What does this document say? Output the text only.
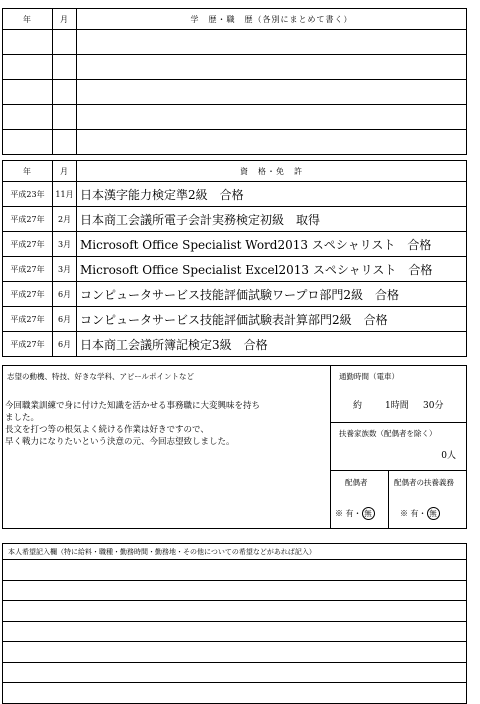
年	月	学　歴・職　歴（各別にまとめて書く）

年	月	資　格・免　許
平成23年	11月	日本漢字能力検定準2級　合格
平成27年	2月	日本商工会議所電子会計実務検定初級　取得
平成27年	3月	Microsoft Office Specialist Word2013 スペシャリスト　合格
平成27年	3月	Microsoft Office Specialist Excel2013 スペシャリスト　合格
平成27年	6月	コンピュータサービス技能評価試験ワープロ部門2級　合格
平成27年	6月	コンピュータサービス技能評価試験表計算部門2級　合格
平成27年	6月	日本商工会議所簿記検定3級　合格
志望の動機、特技、好きな学科、アピールポイントなど
今回職業訓練で身に付けた知識を活かせる事務職に大変興味を持ち
ました。
長文を打つ等の根気よく続ける作業は好きですので、
早く戦力になりたいという決意の元、今回志望致しました。
通勤時間（電車）
約	1時間 30分
扶養家族数（配偶者を除く）
0人
配偶者
※ 有・ 無
配偶者の扶養義務
※ 有・ 無
本人希望記入欄（特に給料・職種・勤務時間・勤務地・その他についての希望などがあれば記入）
